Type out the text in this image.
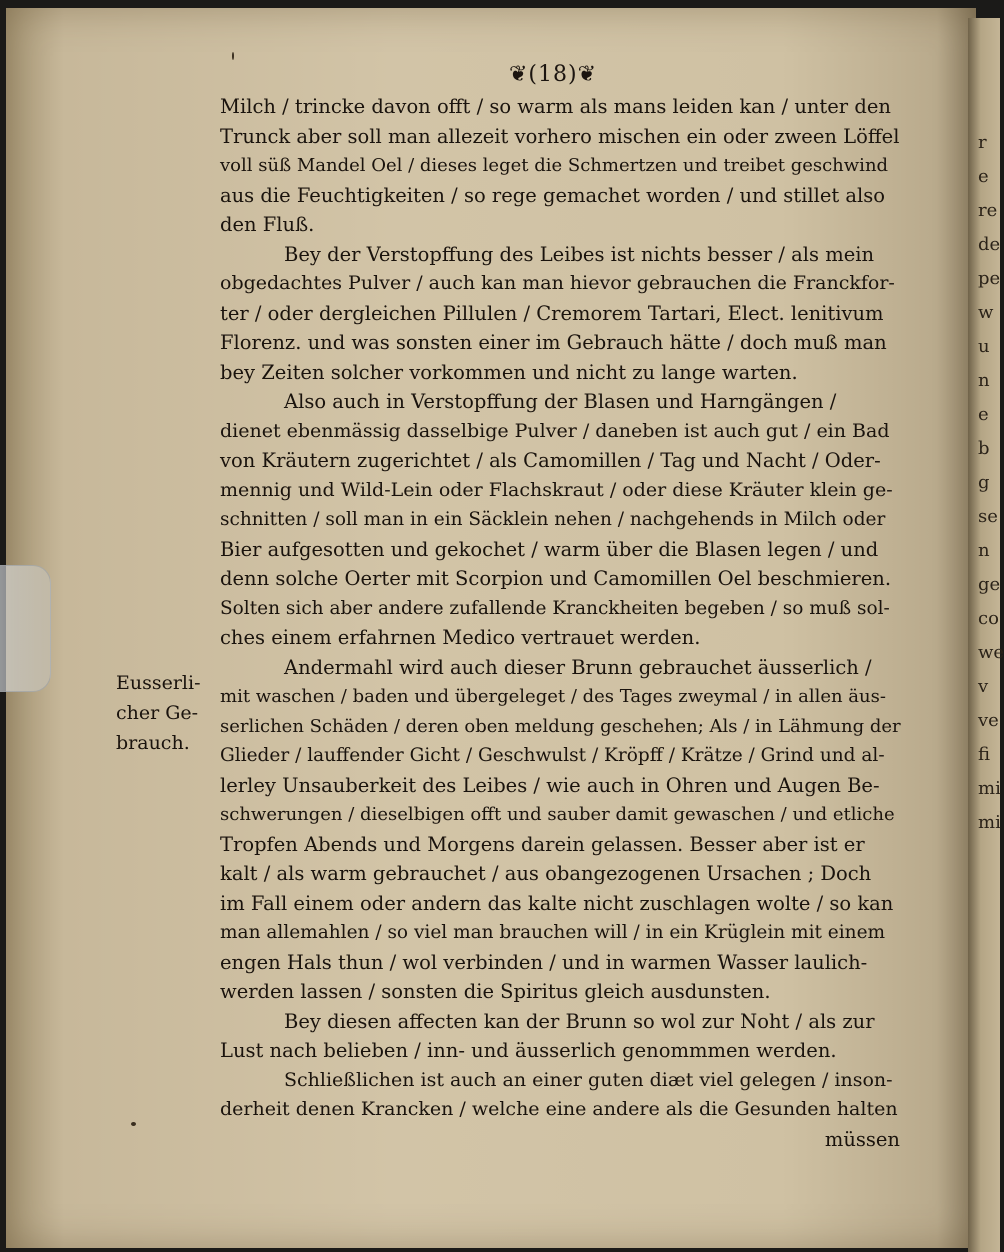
r
e
re
de
pe
w
u
n
e
b
g
se
n
ge
co
we
v
ve
fi
mi
mi
❦(18)❦
Eusserli-
cher Ge-
brauch.
Milch / trincke davon offt / so warm als mans leiden kan / unter den
Trunck aber soll man allezeit vorhero mischen ein oder zween Löffel
voll süß Mandel Oel / dieses leget die Schmertzen und treibet geschwind
aus die Feuchtigkeiten / so rege gemachet worden / und stillet also
den Fluß.
Bey der Verstopffung des Leibes ist nichts besser / als mein
obgedachtes Pulver / auch kan man hievor gebrauchen die Franckfor-
ter / oder dergleichen Pillulen / Cremorem Tartari, Elect. lenitivum
Florenz. und was sonsten einer im Gebrauch hätte / doch muß man
bey Zeiten solcher vorkommen und nicht zu lange warten.
Also auch in Verstopffung der Blasen und Harngängen /
dienet ebenmässig dasselbige Pulver / daneben ist auch gut / ein Bad
von Kräutern zugerichtet / als Camomillen / Tag und Nacht / Oder-
mennig und Wild-Lein oder Flachskraut / oder diese Kräuter klein ge-
schnitten / soll man in ein Säcklein nehen / nachgehends in Milch oder
Bier aufgesotten und gekochet / warm über die Blasen legen / und
denn solche Oerter mit Scorpion und Camomillen Oel beschmieren.
Solten sich aber andere zufallende Kranckheiten begeben / so muß sol-
ches einem erfahrnen Medico vertrauet werden.
Andermahl wird auch dieser Brunn gebrauchet äusserlich /
mit waschen / baden und übergeleget / des Tages zweymal / in allen äus-
serlichen Schäden / deren oben meldung geschehen; Als / in Lähmung der
Glieder / lauffender Gicht / Geschwulst / Kröpff / Krätze / Grind und al-
lerley Unsauberkeit des Leibes / wie auch in Ohren und Augen Be-
schwerungen / dieselbigen offt und sauber damit gewaschen / und etliche
Tropfen Abends und Morgens darein gelassen. Besser aber ist er
kalt / als warm gebrauchet / aus obangezogenen Ursachen ; Doch
im Fall einem oder andern das kalte nicht zuschlagen wolte / so kan
man allemahlen / so viel man brauchen will / in ein Krüglein mit einem
engen Hals thun / wol verbinden / und in warmen Wasser laulich-
werden lassen / sonsten die Spiritus gleich ausdunsten.
Bey diesen affecten kan der Brunn so wol zur Noht / als zur
Lust nach belieben / inn- und äusserlich genommmen werden.
Schließlichen ist auch an einer guten diæt viel gelegen / inson-
derheit denen Krancken / welche eine andere als die Gesunden halten
müssen
